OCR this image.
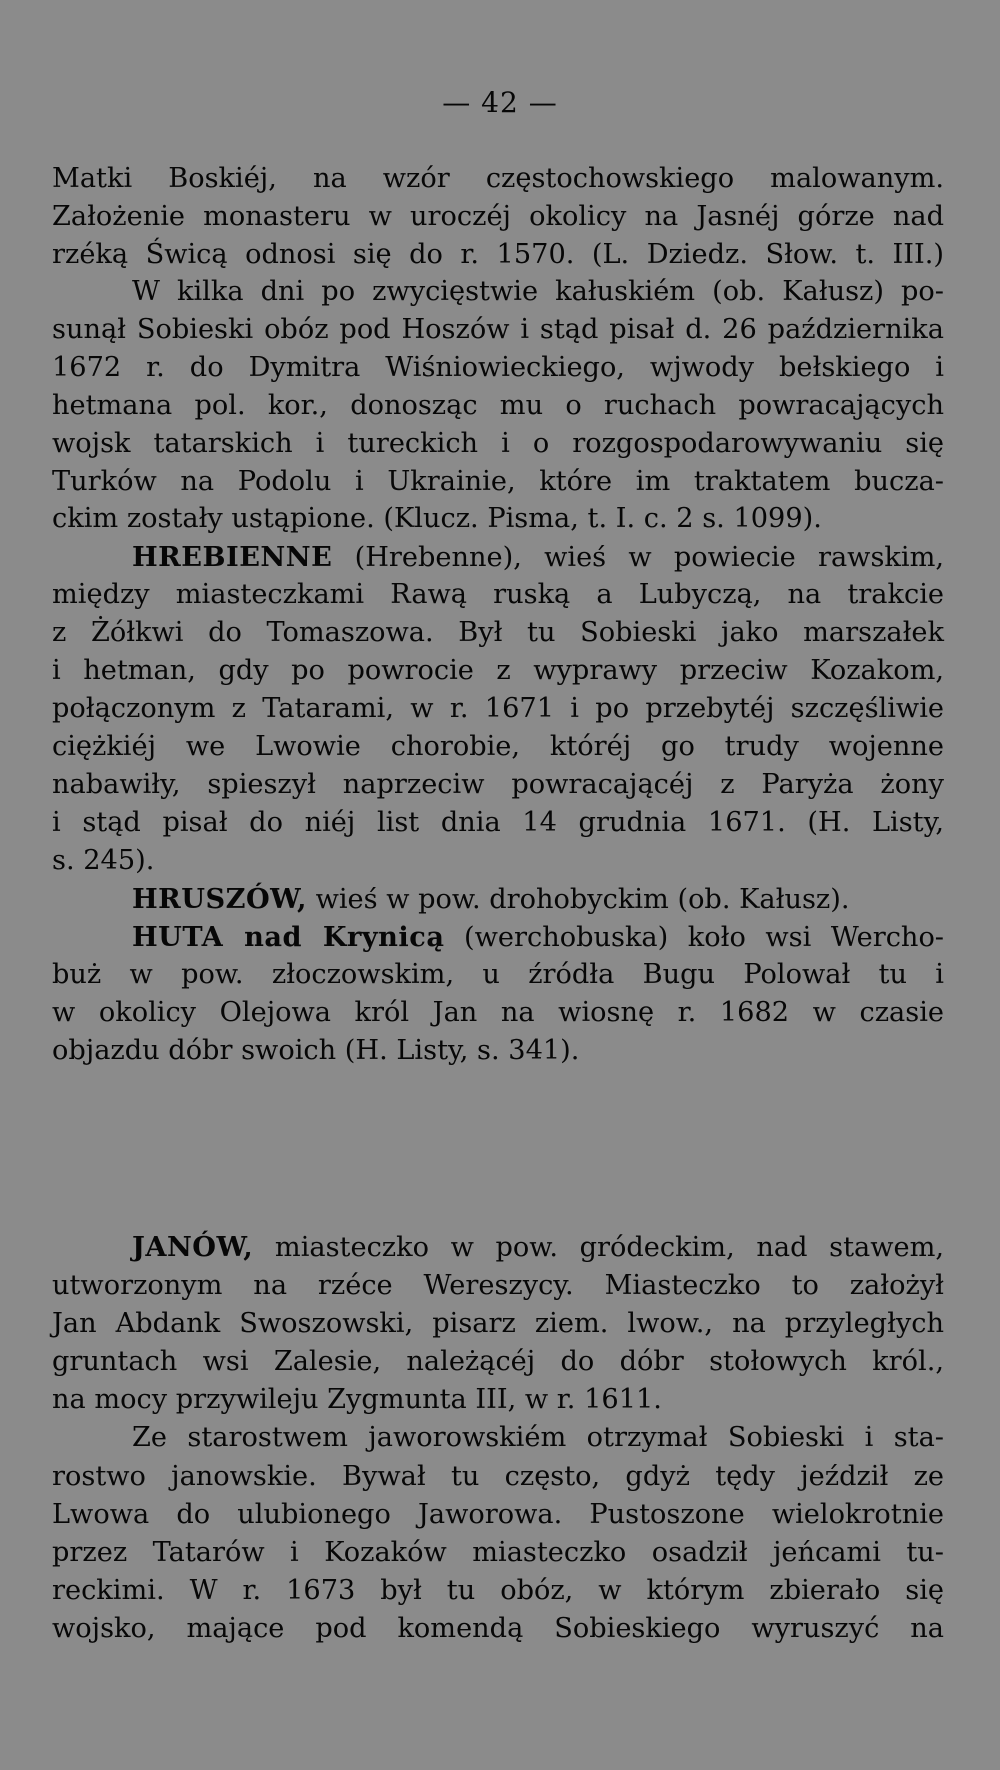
— 42 —
Matki Boskiéj, na wzór częstochowskiego malowanym.
Założenie monasteru w uroczéj okolicy na Jasnéj górze nad
rzéką Świcą odnosi się do r. 1570. (L. Dziedz. Słow. t. III.)
W kilka dni po zwycięstwie kałuskiém (ob. Kałusz) po-
sunął Sobieski obóz pod Hoszów i stąd pisał d. 26 października
1672 r. do Dymitra Wiśniowieckiego, wjwody bełskiego i
hetmana pol. kor., donosząc mu o ruchach powracających
wojsk tatarskich i tureckich i o rozgospodarowywaniu się
Turków na Podolu i Ukrainie, które im traktatem bucza-
ckim zostały ustąpione. (Klucz. Pisma, t. I. c. 2 s. 1099).
HREBIENNE (Hrebenne), wieś w powiecie rawskim,
między miasteczkami Rawą ruską a Lubyczą, na trakcie
z Żółkwi do Tomaszowa. Był tu Sobieski jako marszałek
i hetman, gdy po powrocie z wyprawy przeciw Kozakom,
połączonym z Tatarami, w r. 1671 i po przebytéj szczęśliwie
ciężkiéj we Lwowie chorobie, któréj go trudy wojenne
nabawiły, spieszył naprzeciw powracającéj z Paryża żony
i stąd pisał do niéj list dnia 14 grudnia 1671. (H. Listy,
s. 245).
HRUSZÓW, wieś w pow. drohobyckim (ob. Kałusz).
HUTA nad Krynicą (werchobuska) koło wsi Wercho-
buż w pow. złoczowskim, u źródła Bugu Polował tu i
w okolicy Olejowa król Jan na wiosnę r. 1682 w czasie
objazdu dóbr swoich (H. Listy, s. 341).
JANÓW, miasteczko w pow. gródeckim, nad stawem,
utworzonym na rzéce Wereszycy. Miasteczko to założył
Jan Abdank Swoszowski, pisarz ziem. lwow., na przyległych
gruntach wsi Zalesie, należącéj do dóbr stołowych król.,
na mocy przywileju Zygmunta III, w r. 1611.
Ze starostwem jaworowskiém otrzymał Sobieski i sta-
rostwo janowskie. Bywał tu często, gdyż tędy jeździł ze
Lwowa do ulubionego Jaworowa. Pustoszone wielokrotnie
przez Tatarów i Kozaków miasteczko osadził jeńcami tu-
reckimi. W r. 1673 był tu obóz, w którym zbierało się
wojsko, mające pod komendą Sobieskiego wyruszyć na
